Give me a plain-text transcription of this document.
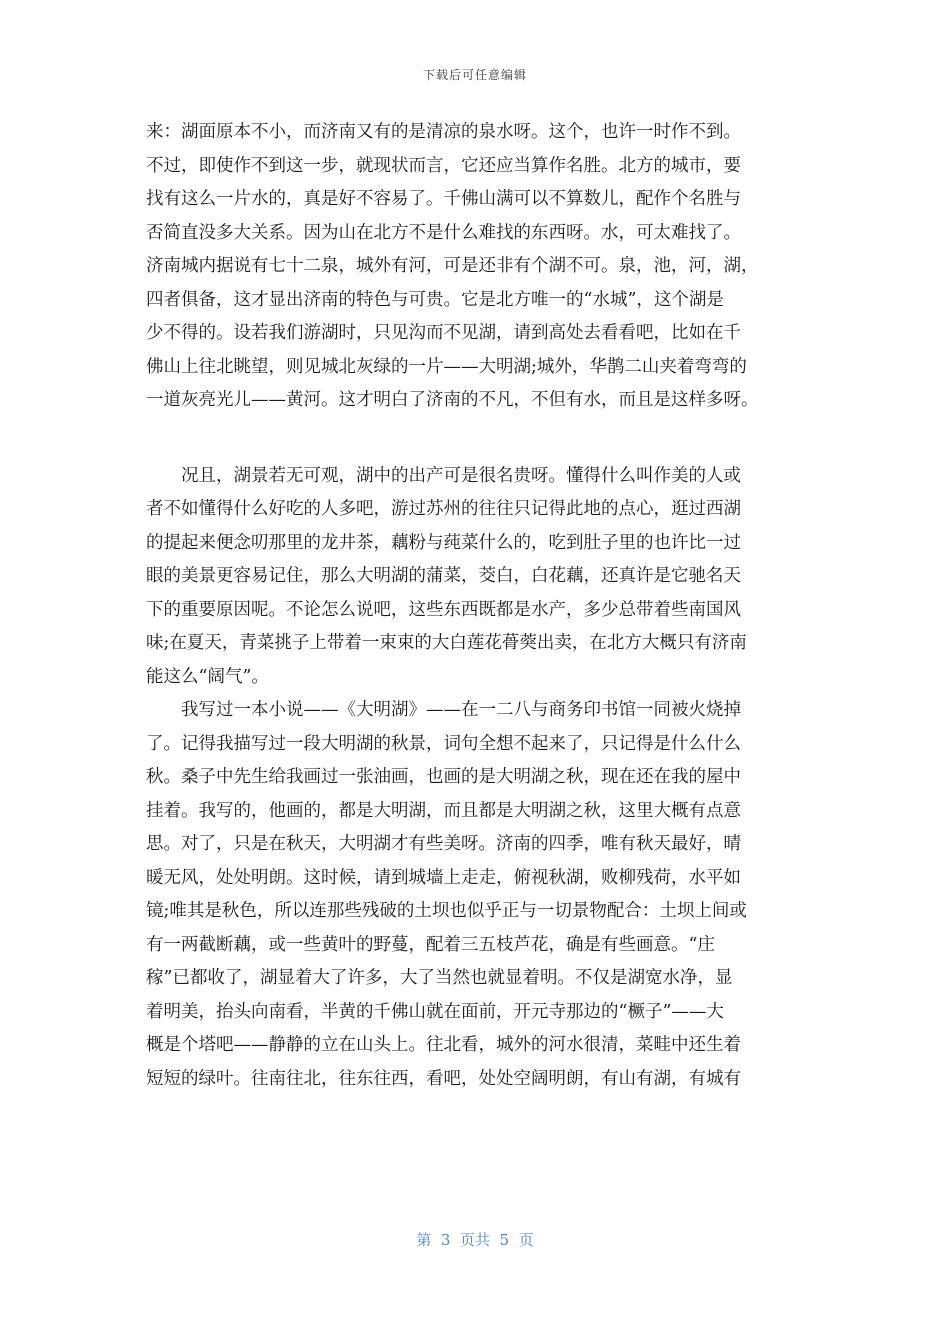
下载后可任意编辑
来：湖面原本不小，而济南又有的是清凉的泉水呀。这个，也许一时作不到。
不过，即使作不到这一步，就现状而言，它还应当算作名胜。北方的城市，要
找有这么一片水的，真是好不容易了。千佛山满可以不算数儿，配作个名胜与
否简直没多大关系。因为山在北方不是什么难找的东西呀。水，可太难找了。
济南城内据说有七十二泉，城外有河，可是还非有个湖不可。泉，池，河，湖，
四者俱备，这才显出济南的特色与可贵。它是北方唯一的“水城”，这个湖是
少不得的。设若我们游湖时，只见沟而不见湖，请到高处去看看吧，比如在千
佛山上往北眺望，则见城北灰绿的一片——大明湖;城外，华鹊二山夹着弯弯的
一道灰亮光儿——黄河。这才明白了济南的不凡，不但有水，而且是这样多呀。
　　况且，湖景若无可观，湖中的出产可是很名贵呀。懂得什么叫作美的人或
者不如懂得什么好吃的人多吧，游过苏州的往往只记得此地的点心，逛过西湖
的提起来便念叨那里的龙井茶，藕粉与莼菜什么的，吃到肚子里的也许比一过
眼的美景更容易记住，那么大明湖的蒲菜，茭白，白花藕，还真许是它驰名天
下的重要原因呢。不论怎么说吧，这些东西既都是水产，多少总带着些南国风
味;在夏天，青菜挑子上带着一束束的大白莲花蓇葖出卖，在北方大概只有济南
能这么“阔气”。
　　我写过一本小说——《大明湖》——在一二八与商务印书馆一同被火烧掉
了。记得我描写过一段大明湖的秋景，词句全想不起来了，只记得是什么什么
秋。桑子中先生给我画过一张油画，也画的是大明湖之秋，现在还在我的屋中
挂着。我写的，他画的，都是大明湖，而且都是大明湖之秋，这里大概有点意
思。对了，只是在秋天，大明湖才有些美呀。济南的四季，唯有秋天最好，晴
暖无风，处处明朗。这时候，请到城墙上走走，俯视秋湖，败柳残荷，水平如
镜;唯其是秋色，所以连那些残破的土坝也似乎正与一切景物配合：土坝上间或
有一两截断藕，或一些黄叶的野蔓，配着三五枝芦花，确是有些画意。“庄
稼”已都收了，湖显着大了许多，大了当然也就显着明。不仅是湖宽水净，显
着明美，抬头向南看，半黄的千佛山就在面前，开元寺那边的“橛子”——大
概是个塔吧——静静的立在山头上。往北看，城外的河水很清，菜畦中还生着
短短的绿叶。往南往北，往东往西，看吧，处处空阔明朗，有山有湖，有城有
第  3  页共  5  页
